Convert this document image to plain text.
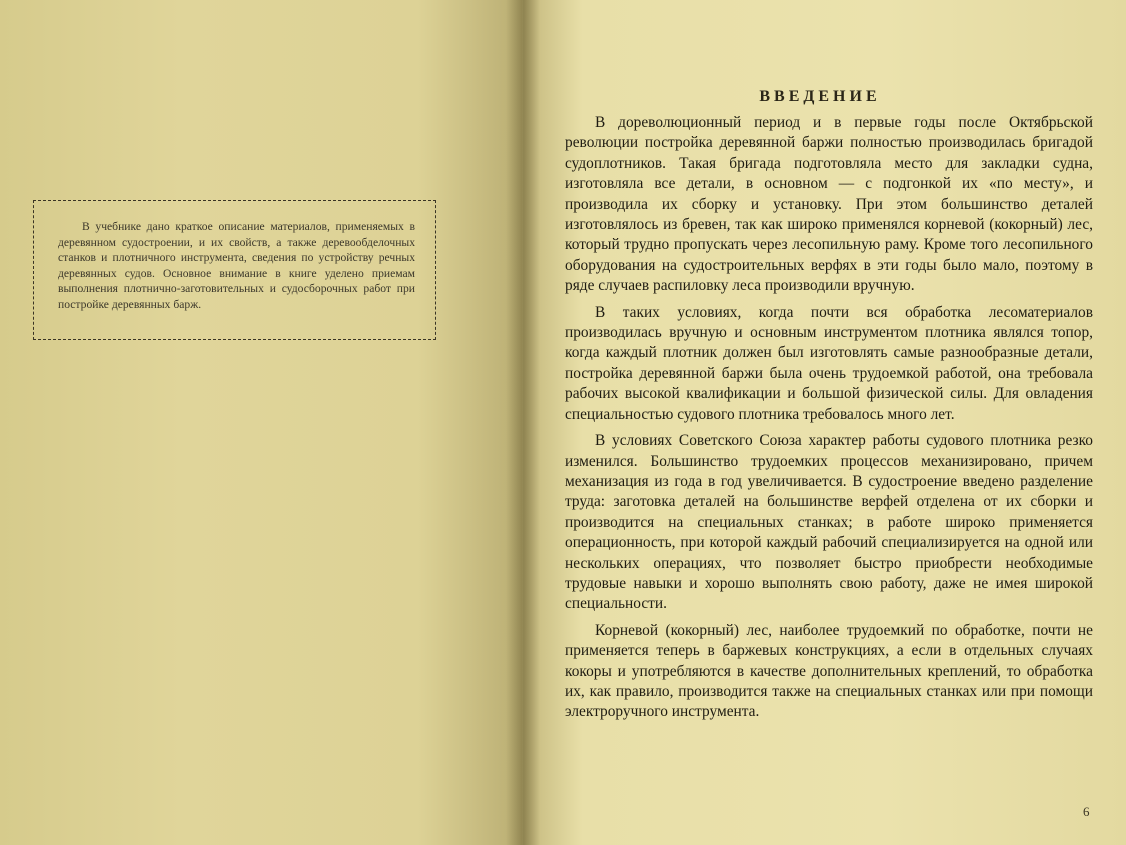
В учебнике дано краткое описание материалов, применяемых в деревянном судостроении, и их свойств, а также деревообделочных станков и плотничного инструмента, сведения по устройству речных деревянных судов. Основное внимание в книге уделено приемам выполнения плотнично-заготовительных и судосборочных работ при постройке деревянных барж.

ВВЕДЕНИЕ

В дореволюционный период и в первые годы после Октябрьской революции постройка деревянной баржи полностью производилась бригадой судоплотников. Такая бригада подготовляла место для закладки судна, изготовляла все детали, в основном — с подгонкой их «по месту», и производила их сборку и установку. При этом большинство деталей изготовлялось из бревен, так как широко применялся корневой (кокорный) лес, который трудно пропускать через лесопильную раму. Кроме того лесопильного оборудования на судостроительных верфях в эти годы было мало, поэтому в ряде случаев распиловку леса производили вручную.

В таких условиях, когда почти вся обработка лесоматериалов производилась вручную и основным инструментом плотника являлся топор, когда каждый плотник должен был изготовлять самые разнообразные детали, постройка деревянной баржи была очень трудоемкой работой, она требовала рабочих высокой квалификации и большой физической силы. Для овладения специальностью судового плотника требовалось много лет.

В условиях Советского Союза характер работы судового плотника резко изменился. Большинство трудоемких процессов механизировано, причем механизация из года в год увеличивается. В судостроение введено разделение труда: заготовка деталей на большинстве верфей отделена от их сборки и производится на специальных станках; в работе широко применяется операционность, при которой каждый рабочий специализируется на одной или нескольких операциях, что позволяет быстро приобрести необходимые трудовые навыки и хорошо выполнять свою работу, даже не имея широкой специальности.

Корневой (кокорный) лес, наиболее трудоемкий по обработке, почти не применяется теперь в баржевых конструкциях, а если в отдельных случаях кокоры и употребляются в качестве дополнительных креплений, то обработка их, как правило, производится также на специальных станках или при помощи электроручного инструмента.

6
